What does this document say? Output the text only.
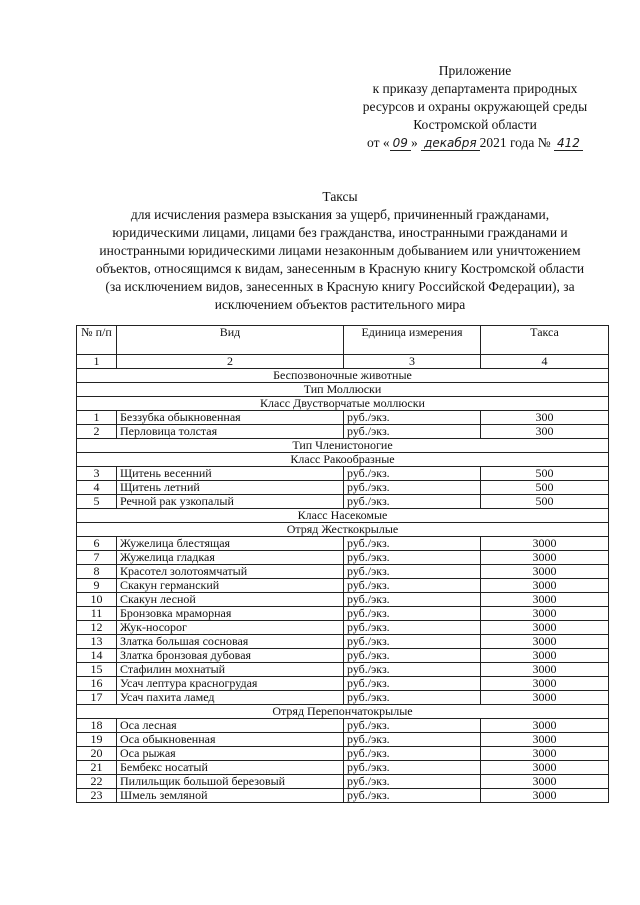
Приложение
к приказу департамента природных
ресурсов и охраны окружающей среды
Костромской области
от « 09 » декабря 2021 года № 412
Таксы
для исчисления размера взыскания за ущерб, причиненный гражданами, юридическими лицами, лицами без гражданства, иностранными гражданами и иностранными юридическими лицами незаконным добыванием или уничтожением объектов, относящимся к видам, занесенным в Красную книгу Костромской области (за исключением видов, занесенных в Красную книгу Российской Федерации), за исключением объектов растительного мира
№ п/п	Вид	Единица измерения	Такса
1	2	3	4
Беспозвоночные животные			
Тип Моллюски			
Класс Двустворчатые моллюски			
1	Беззубка обыкновенная	руб./экз.	300
2	Перловица толстая	руб./экз.	300
Тип Членистоногие			
Класс Ракообразные			
3	Щитень весенний	руб./экз.	500
4	Щитень летний	руб./экз.	500
5	Речной рак узкопалый	руб./экз.	500
Класс Насекомые			
Отряд Жесткокрылые			
6	Жужелица блестящая	руб./экз.	3000
7	Жужелица гладкая	руб./экз.	3000
8	Красотел золотоямчатый	руб./экз.	3000
9	Скакун германский	руб./экз.	3000
10	Скакун лесной	руб./экз.	3000
11	Бронзовка мраморная	руб./экз.	3000
12	Жук-носорог	руб./экз.	3000
13	Златка большая сосновая	руб./экз.	3000
14	Златка бронзовая дубовая	руб./экз.	3000
15	Стафилин мохнатый	руб./экз.	3000
16	Усач лептура красногрудая	руб./экз.	3000
17	Усач пахита ламед	руб./экз.	3000
Отряд Перепончатокрылые			
18	Оса лесная	руб./экз.	3000
19	Оса обыкновенная	руб./экз.	3000
20	Оса рыжая	руб./экз.	3000
21	Бембекс носатый	руб./экз.	3000
22	Пилильщик большой березовый	руб./экз.	3000
23	Шмель земляной	руб./экз.	3000
